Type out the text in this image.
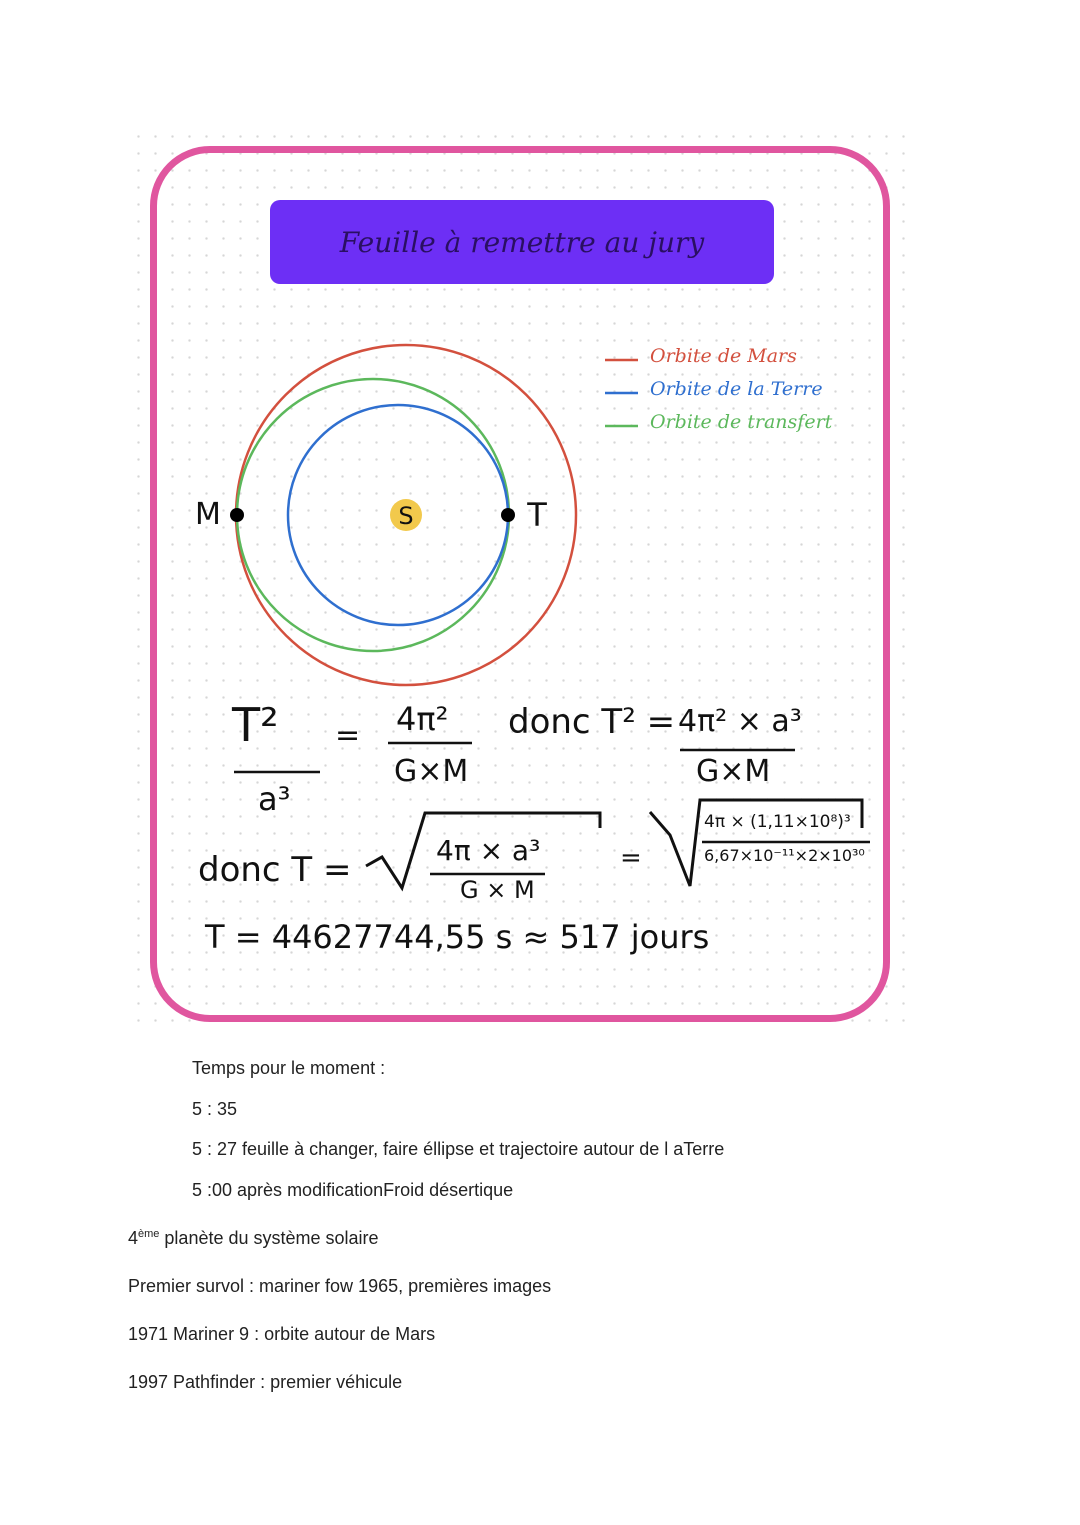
Feuille à remettre au jury
S
M	T
Orbite de Mars
Orbite de la Terre
Orbite de transfert
T²
a³
= 4π²
G×M
donc T² = 4π² × a³
G×M
donc T =	4π × a³
G × M
=
4π × (1,11×10⁸)³
6,67×10⁻¹¹×2×10³⁰
T = 44627744,55 s ≈ 517 jours
Temps pour le moment :
5 : 35
5 : 27 feuille à changer, faire éllipse et trajectoire autour de l aTerre
5 :00 après modificationFroid désertique
4ème planète du système solaire
Premier survol : mariner fow 1965, premières images
1971 Mariner 9 : orbite autour de Mars
1997 Pathfinder : premier véhicule
